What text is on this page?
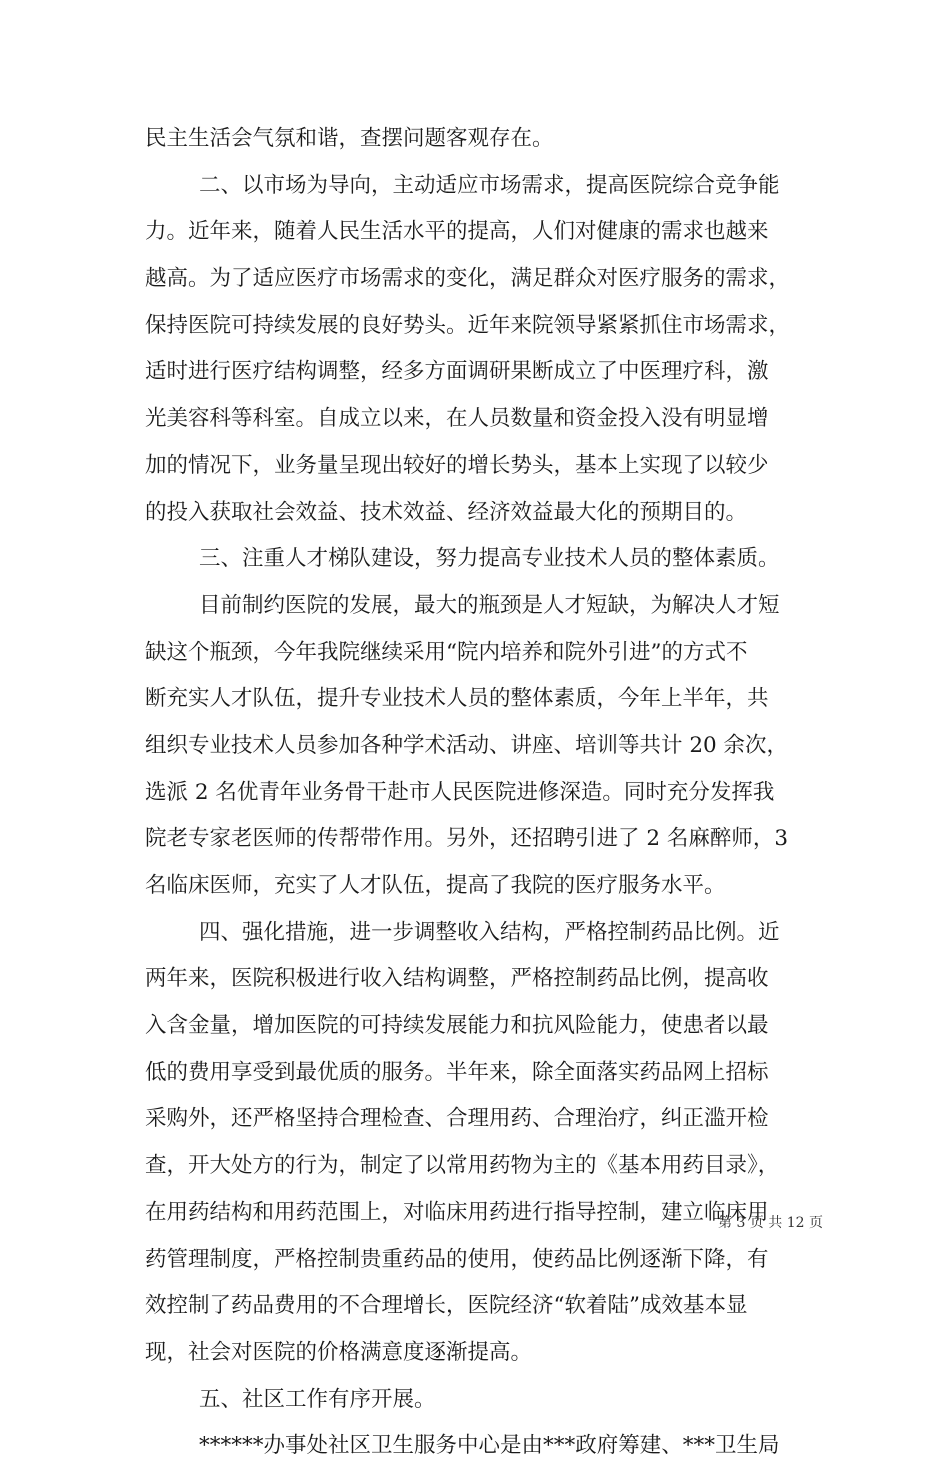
民主生活会气氛和谐，查摆问题客观存在。
二、以市场为导向，主动适应市场需求，提高医院综合竞争能
力。近年来，随着人民生活水平的提高，人们对健康的需求也越来
越高。为了适应医疗市场需求的变化，满足群众对医疗服务的需求，
保持医院可持续发展的良好势头。近年来院领导紧紧抓住市场需求，
适时进行医疗结构调整，经多方面调研果断成立了中医理疗科，激
光美容科等科室。自成立以来，在人员数量和资金投入没有明显增
加的情况下，业务量呈现出较好的增长势头，基本上实现了以较少
的投入获取社会效益、技术效益、经济效益最大化的预期目的。
三、注重人才梯队建设，努力提高专业技术人员的整体素质。
目前制约医院的发展，最大的瓶颈是人才短缺，为解决人才短
缺这个瓶颈，今年我院继续采用“院内培养和院外引进”的方式不
断充实人才队伍，提升专业技术人员的整体素质，今年上半年，共
组织专业技术人员参加各种学术活动、讲座、培训等共计 20 余次，
选派 2 名优青年业务骨干赴市人民医院进修深造。同时充分发挥我
院老专家老医师的传帮带作用。另外，还招聘引进了 2 名麻醉师，3
名临床医师，充实了人才队伍，提高了我院的医疗服务水平。
四、强化措施，进一步调整收入结构，严格控制药品比例。近
两年来，医院积极进行收入结构调整，严格控制药品比例，提高收
入含金量，增加医院的可持续发展能力和抗风险能力，使患者以最
低的费用享受到最优质的服务。半年来，除全面落实药品网上招标
采购外，还严格坚持合理检查、合理用药、合理治疗，纠正滥开检
查，开大处方的行为，制定了以常用药物为主的《基本用药目录》，
在用药结构和用药范围上，对临床用药进行指导控制，建立临床用
药管理制度，严格控制贵重药品的使用，使药品比例逐渐下降，有
效控制了药品费用的不合理增长，医院经济“软着陆”成效基本显
现，社会对医院的价格满意度逐渐提高。
五、社区工作有序开展。
******办事处社区卫生服务中心是由***政府筹建、***卫生局
第 3 页 共 12 页
